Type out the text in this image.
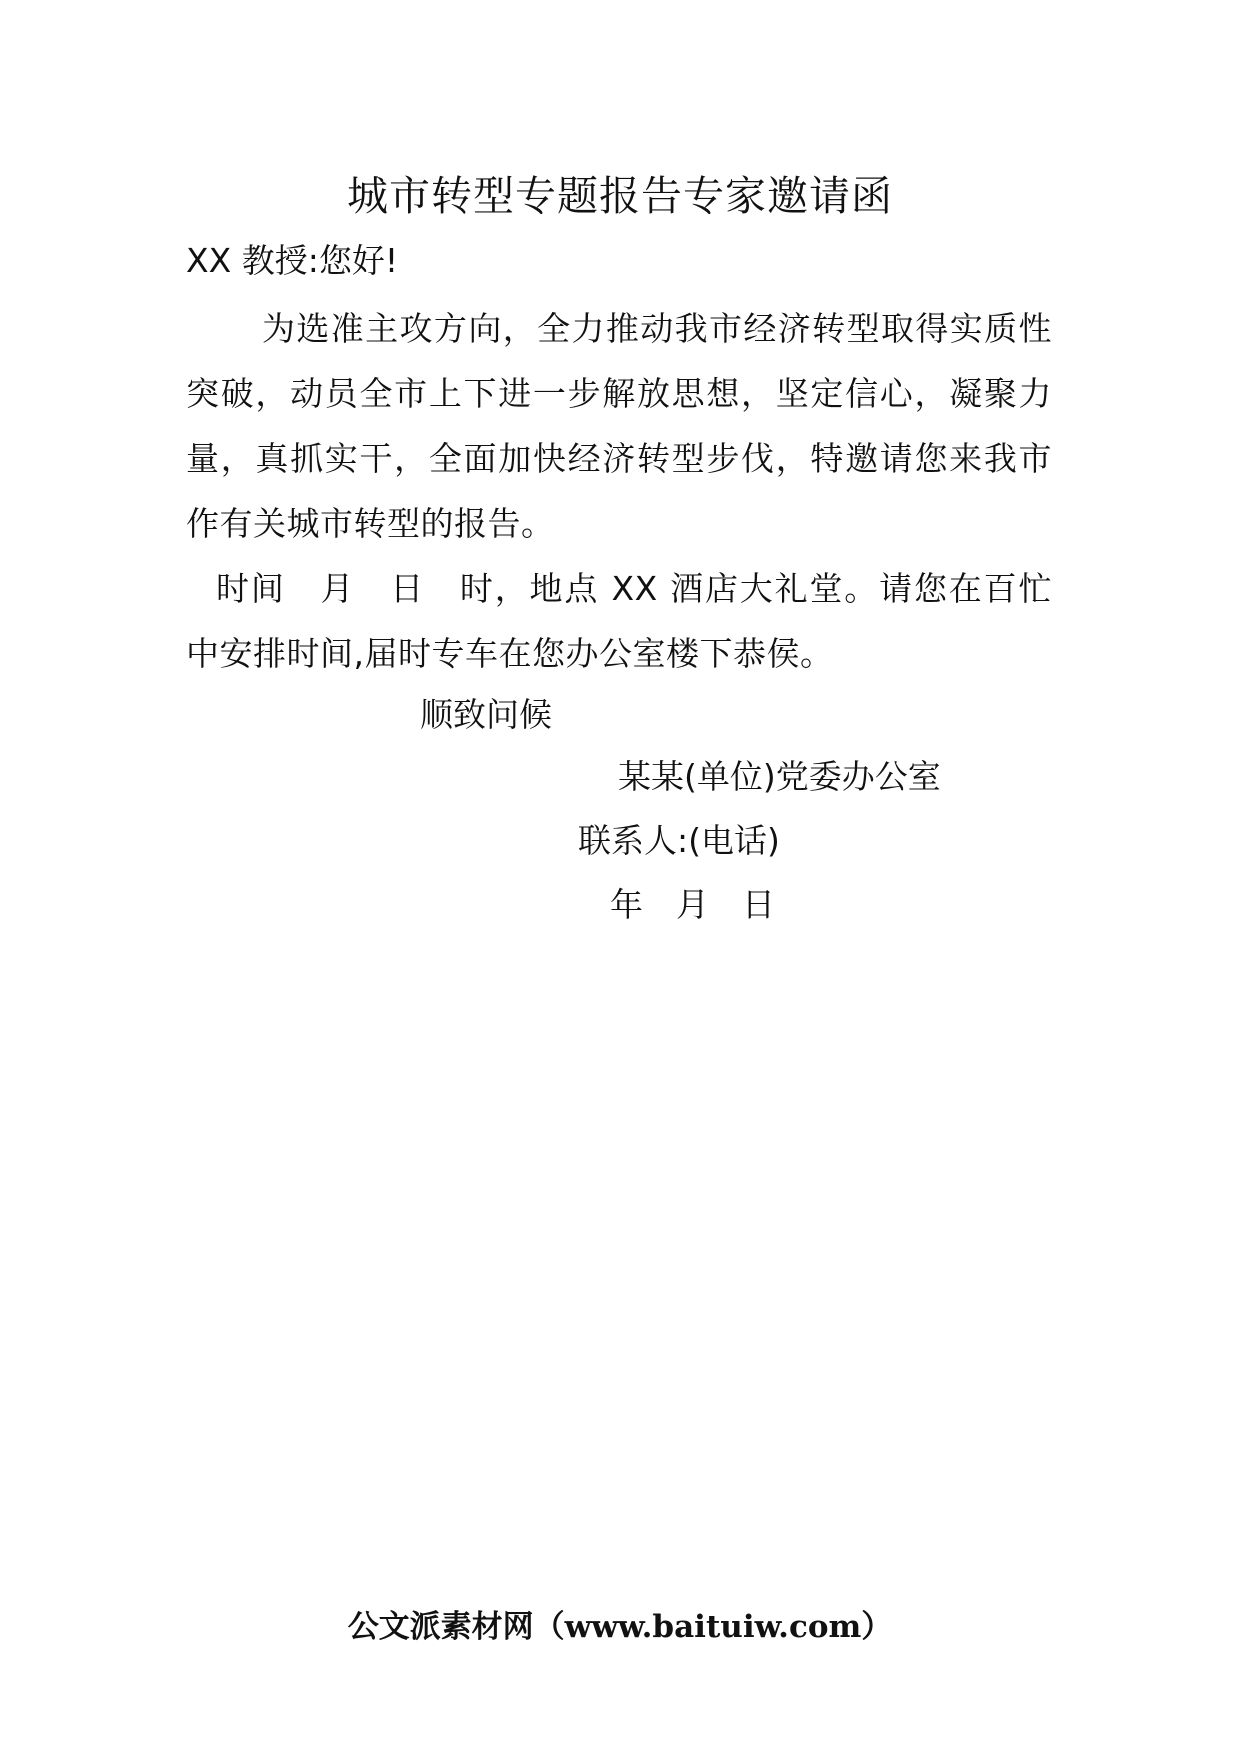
城市转型专题报告专家邀请函
XX 教授:您好!
为选准主攻方向，全力推动我市经济转型取得实质性突破，动员全市上下进一步解放思想，坚定信心，凝聚力量，真抓实干，全面加快经济转型步伐，特邀请您来我市作有关城市转型的报告。
时间　月　日　时，地点 XX 酒店大礼堂。请您在百忙中安排时间,届时专车在您办公室楼下恭侯。
顺致问候
某某(单位)党委办公室
联系人:(电话)
年　月　日
公文派素材网（www.baituiw.com）
